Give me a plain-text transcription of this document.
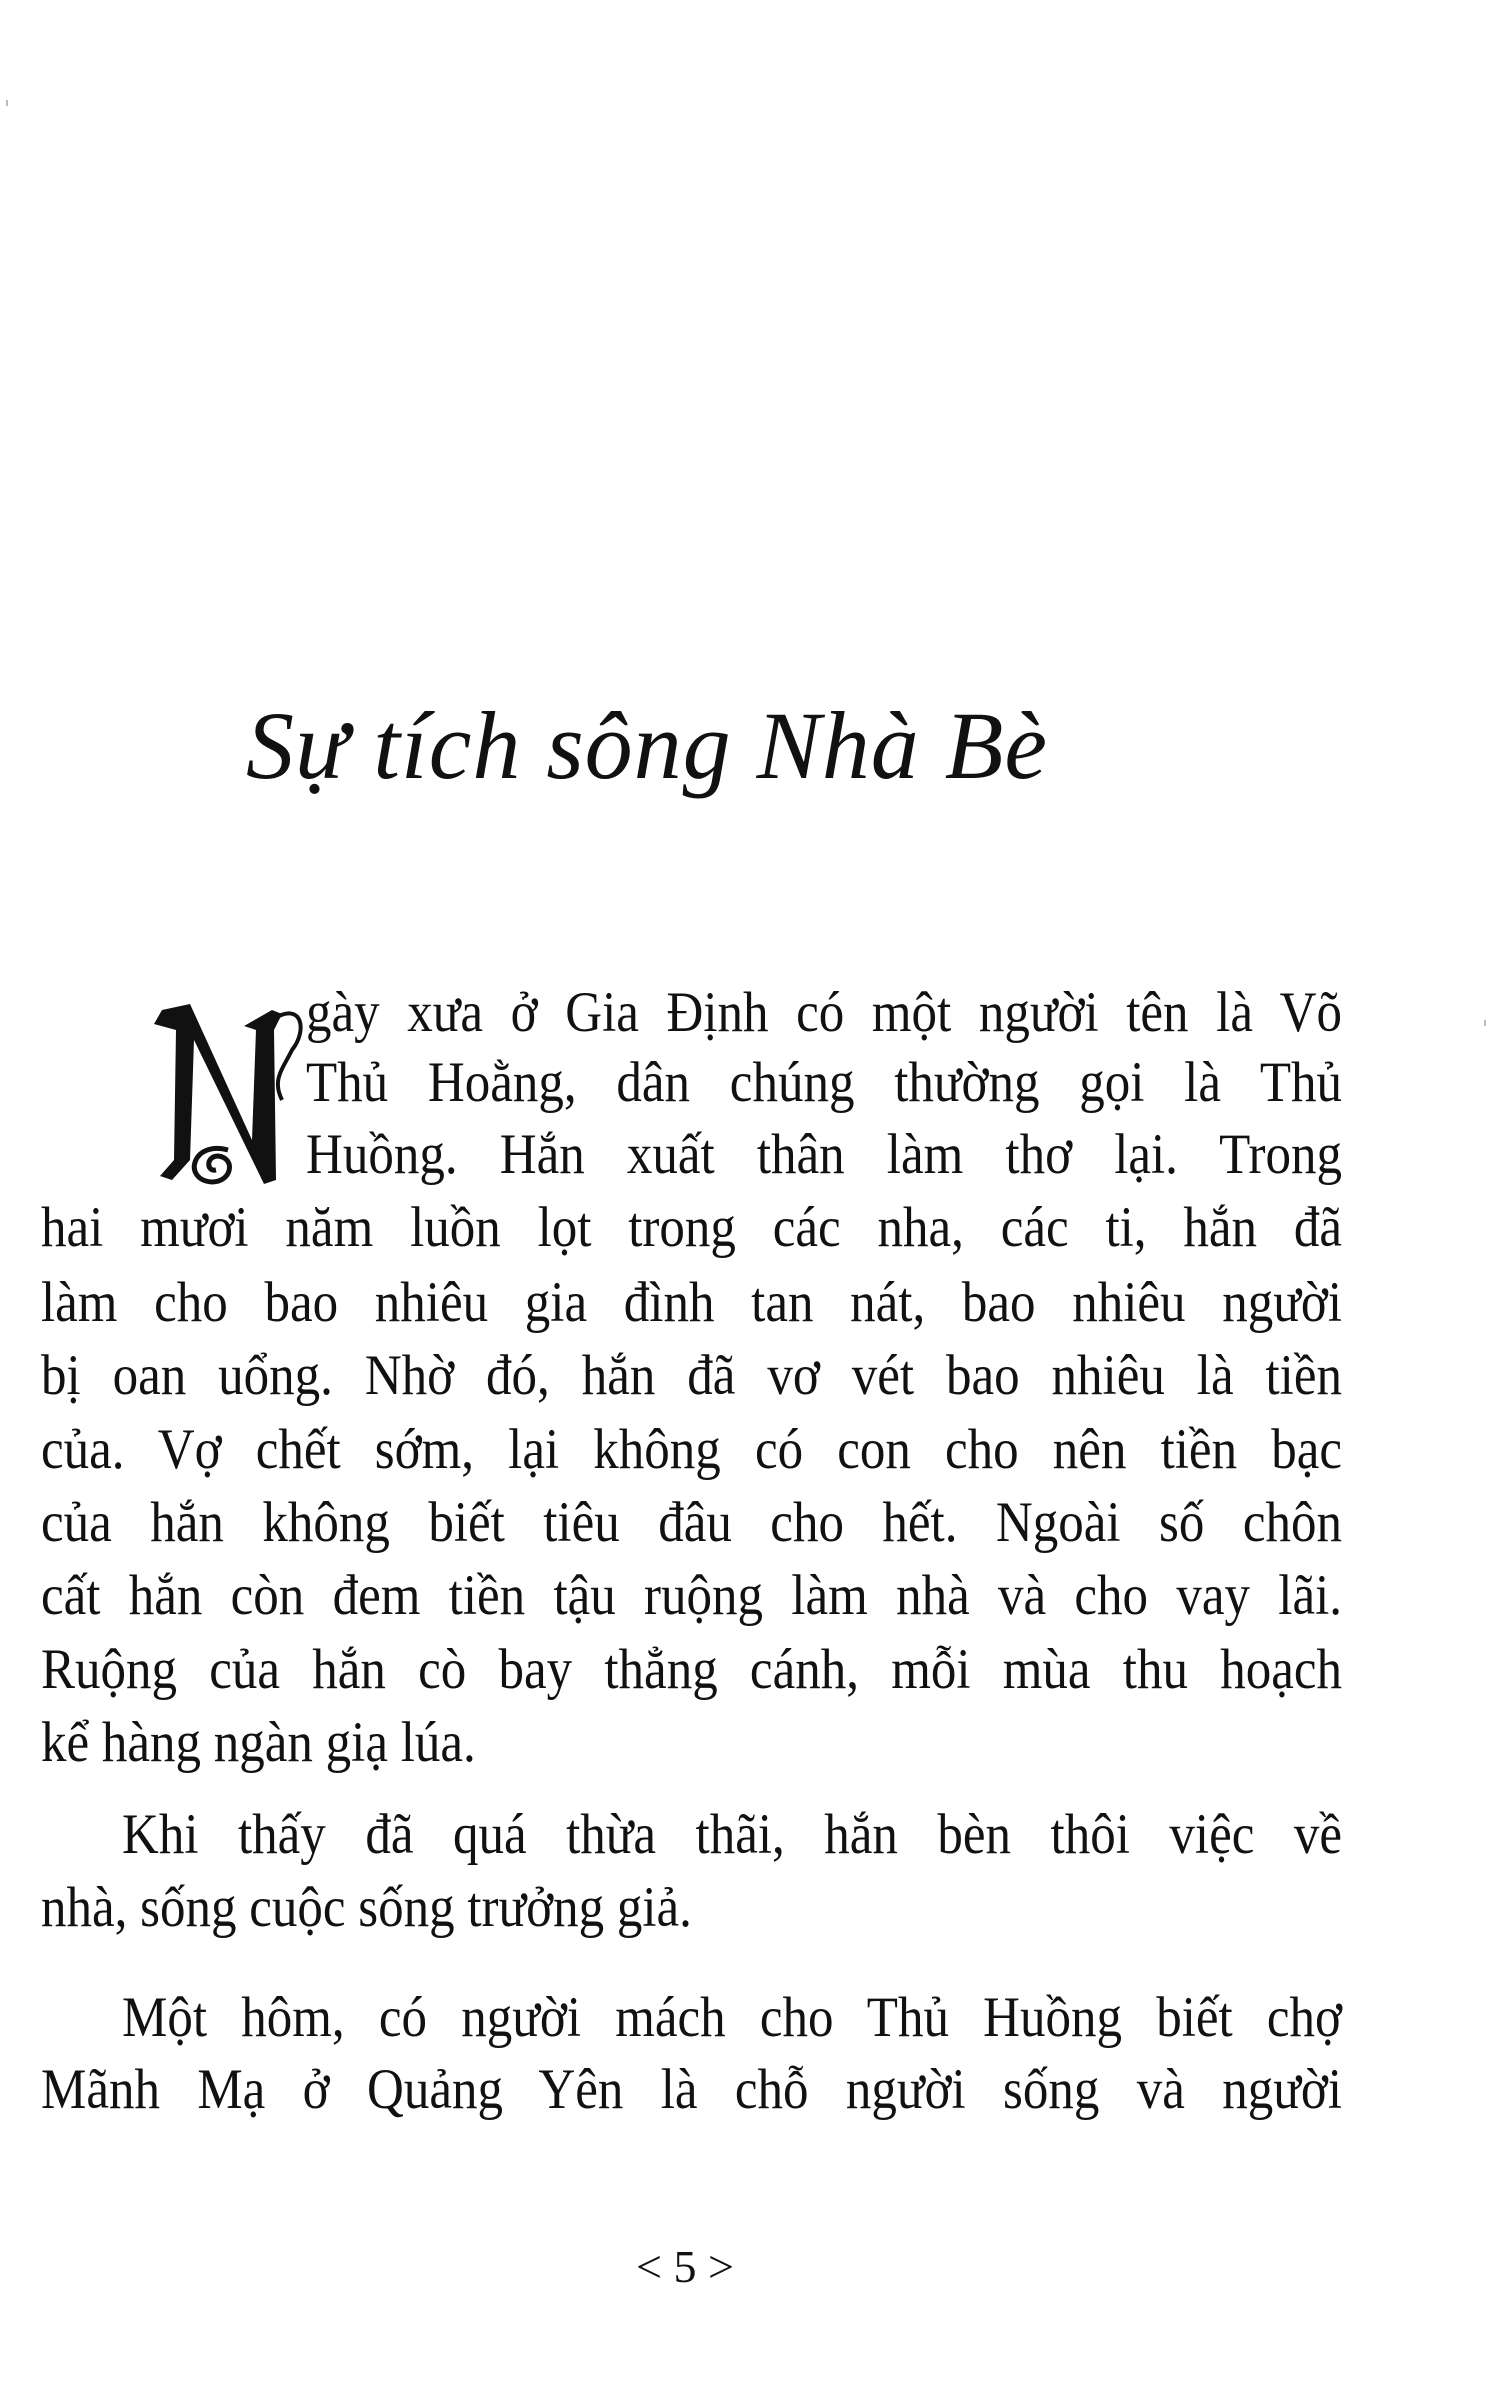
Sự tích sông Nhà Bè
gày xưa ở Gia Định có một người tên là Võ
Thủ Hoằng, dân chúng thường gọi là Thủ
Huồng. Hắn xuất thân làm thơ lại. Trong
hai mươi năm luồn lọt trong các nha, các ti, hắn đã
làm cho bao nhiêu gia đình tan nát, bao nhiêu người
bị oan uổng. Nhờ đó, hắn đã vơ vét bao nhiêu là tiền
của. Vợ chết sớm, lại không có con cho nên tiền bạc
của hắn không biết tiêu đâu cho hết. Ngoài số chôn
cất hắn còn đem tiền tậu ruộng làm nhà và cho vay lãi.
Ruộng của hắn cò bay thẳng cánh, mỗi mùa thu hoạch
kể hàng ngàn giạ lúa.
Khi thấy đã quá thừa thãi, hắn bèn thôi việc về
nhà, sống cuộc sống trưởng giả.
Một hôm, có người mách cho Thủ Huồng biết chợ
Mãnh Mạ ở Quảng Yên là chỗ người sống và người
< 5 >
